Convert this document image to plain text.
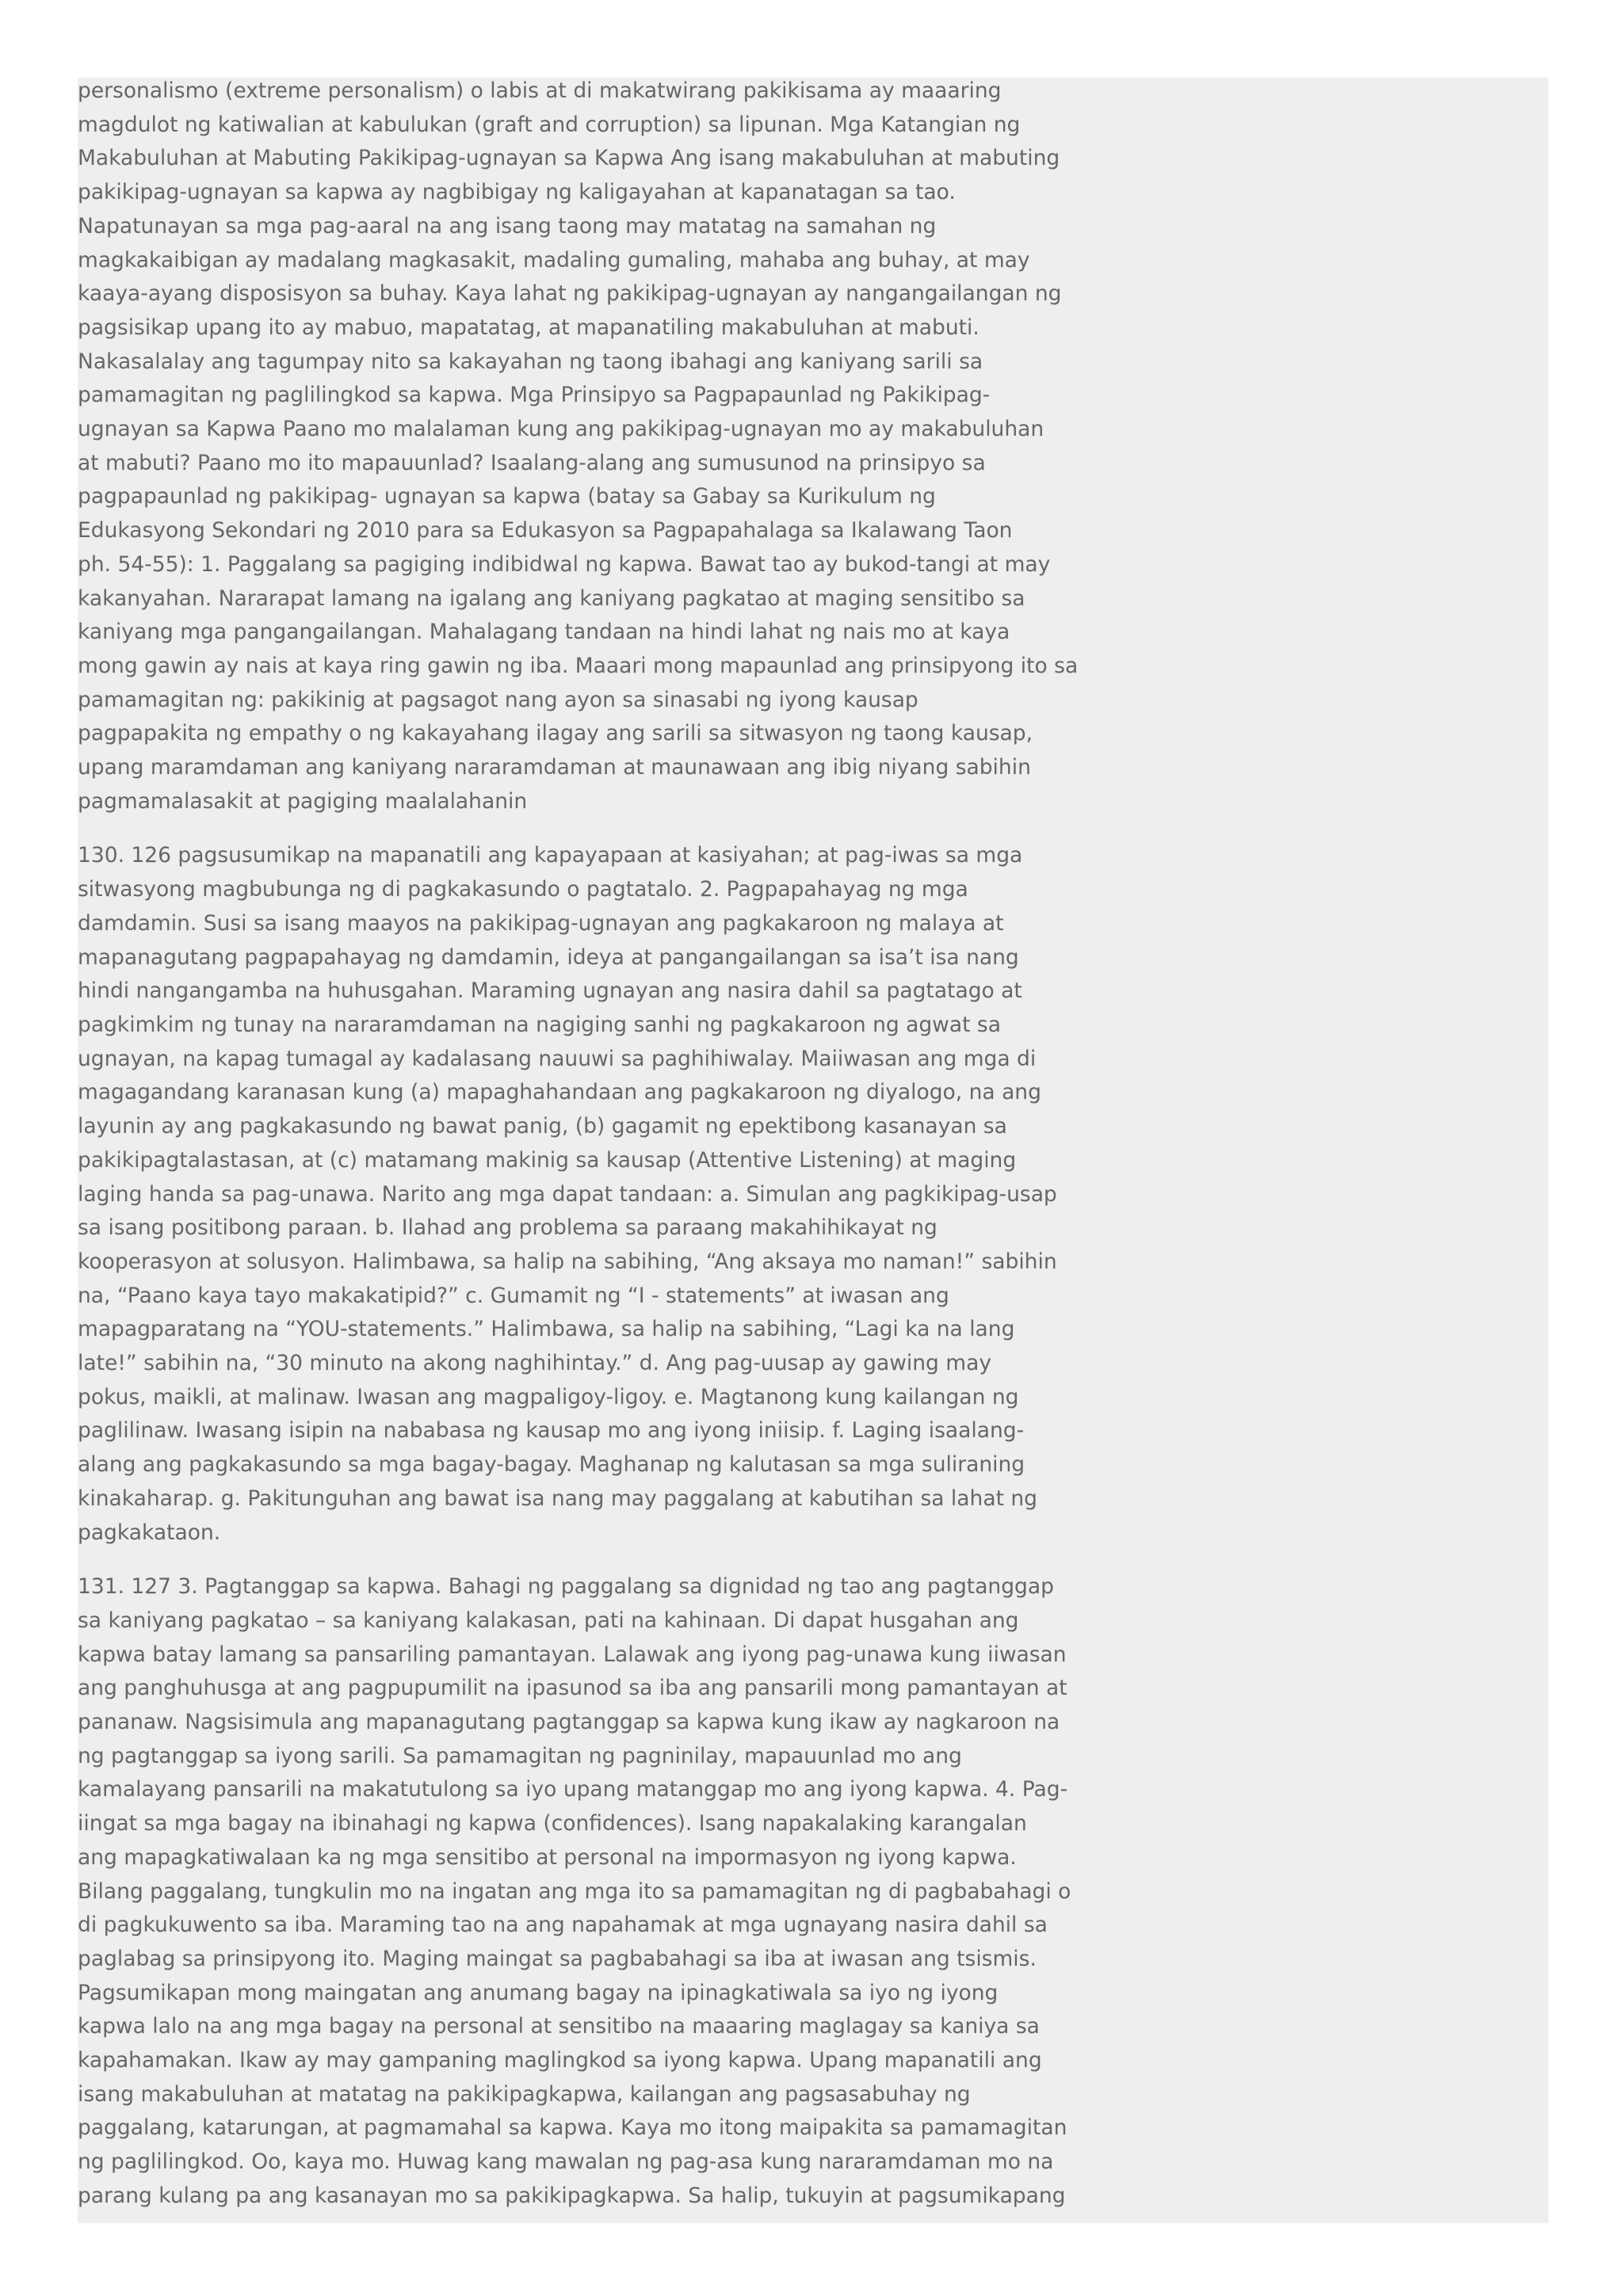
personalismo (extreme personalism) o labis at di makatwirang pakikisama ay maaaring
magdulot ng katiwalian at kabulukan (graft and corruption) sa lipunan. Mga Katangian ng
Makabuluhan at Mabuting Pakikipag-ugnayan sa Kapwa Ang isang makabuluhan at mabuting
pakikipag-ugnayan sa kapwa ay nagbibigay ng kaligayahan at kapanatagan sa tao.
Napatunayan sa mga pag-aaral na ang isang taong may matatag na samahan ng
magkakaibigan ay madalang magkasakit, madaling gumaling, mahaba ang buhay, at may
kaaya-ayang disposisyon sa buhay. Kaya lahat ng pakikipag-ugnayan ay nangangailangan ng
pagsisikap upang ito ay mabuo, mapatatag, at mapanatiling makabuluhan at mabuti.
Nakasalalay ang tagumpay nito sa kakayahan ng taong ibahagi ang kaniyang sarili sa
pamamagitan ng paglilingkod sa kapwa. Mga Prinsipyo sa Pagpapaunlad ng Pakikipag-
ugnayan sa Kapwa Paano mo malalaman kung ang pakikipag-ugnayan mo ay makabuluhan
at mabuti? Paano mo ito mapauunlad? Isaalang-alang ang sumusunod na prinsipyo sa
pagpapaunlad ng pakikipag- ugnayan sa kapwa (batay sa Gabay sa Kurikulum ng
Edukasyong Sekondari ng 2010 para sa Edukasyon sa Pagpapahalaga sa Ikalawang Taon
ph. 54-55): 1. Paggalang sa pagiging indibidwal ng kapwa. Bawat tao ay bukod-tangi at may
kakanyahan. Nararapat lamang na igalang ang kaniyang pagkatao at maging sensitibo sa
kaniyang mga pangangailangan. Mahalagang tandaan na hindi lahat ng nais mo at kaya
mong gawin ay nais at kaya ring gawin ng iba. Maaari mong mapaunlad ang prinsipyong ito sa
pamamagitan ng: pakikinig at pagsagot nang ayon sa sinasabi ng iyong kausap
pagpapakita ng empathy o ng kakayahang ilagay ang sarili sa sitwasyon ng taong kausap,
upang maramdaman ang kaniyang nararamdaman at maunawaan ang ibig niyang sabihin
pagmamalasakit at pagiging maalalahanin

130. 126 pagsusumikap na mapanatili ang kapayapaan at kasiyahan; at pag-iwas sa mga
sitwasyong magbubunga ng di pagkakasundo o pagtatalo. 2. Pagpapahayag ng mga
damdamin. Susi sa isang maayos na pakikipag-ugnayan ang pagkakaroon ng malaya at
mapanagutang pagpapahayag ng damdamin, ideya at pangangailangan sa isa’t isa nang
hindi nangangamba na huhusgahan. Maraming ugnayan ang nasira dahil sa pagtatago at
pagkimkim ng tunay na nararamdaman na nagiging sanhi ng pagkakaroon ng agwat sa
ugnayan, na kapag tumagal ay kadalasang nauuwi sa paghihiwalay. Maiiwasan ang mga di
magagandang karanasan kung (a) mapaghahandaan ang pagkakaroon ng diyalogo, na ang
layunin ay ang pagkakasundo ng bawat panig, (b) gagamit ng epektibong kasanayan sa
pakikipagtalastasan, at (c) matamang makinig sa kausap (Attentive Listening) at maging
laging handa sa pag-unawa. Narito ang mga dapat tandaan: a. Simulan ang pagkikipag-usap
sa isang positibong paraan. b. Ilahad ang problema sa paraang makahihikayat ng
kooperasyon at solusyon. Halimbawa, sa halip na sabihing, “Ang aksaya mo naman!” sabihin
na, “Paano kaya tayo makakatipid?” c. Gumamit ng “I - statements” at iwasan ang
mapagparatang na “YOU-statements.” Halimbawa, sa halip na sabihing, “Lagi ka na lang
late!” sabihin na, “30 minuto na akong naghihintay.” d. Ang pag-uusap ay gawing may
pokus, maikli, at malinaw. Iwasan ang magpaligoy-ligoy. e. Magtanong kung kailangan ng
paglilinaw. Iwasang isipin na nababasa ng kausap mo ang iyong iniisip. f. Laging isaalang-
alang ang pagkakasundo sa mga bagay-bagay. Maghanap ng kalutasan sa mga suliraning
kinakaharap. g. Pakitunguhan ang bawat isa nang may paggalang at kabutihan sa lahat ng
pagkakataon.

131. 127 3. Pagtanggap sa kapwa. Bahagi ng paggalang sa dignidad ng tao ang pagtanggap
sa kaniyang pagkatao – sa kaniyang kalakasan, pati na kahinaan. Di dapat husgahan ang
kapwa batay lamang sa pansariling pamantayan. Lalawak ang iyong pag-unawa kung iiwasan
ang panghuhusga at ang pagpupumilit na ipasunod sa iba ang pansarili mong pamantayan at
pananaw. Nagsisimula ang mapanagutang pagtanggap sa kapwa kung ikaw ay nagkaroon na
ng pagtanggap sa iyong sarili. Sa pamamagitan ng pagninilay, mapauunlad mo ang
kamalayang pansarili na makatutulong sa iyo upang matanggap mo ang iyong kapwa. 4. Pag-
iingat sa mga bagay na ibinahagi ng kapwa (confidences). Isang napakalaking karangalan
ang mapagkatiwalaan ka ng mga sensitibo at personal na impormasyon ng iyong kapwa.
Bilang paggalang, tungkulin mo na ingatan ang mga ito sa pamamagitan ng di pagbabahagi o
di pagkukuwento sa iba. Maraming tao na ang napahamak at mga ugnayang nasira dahil sa
paglabag sa prinsipyong ito. Maging maingat sa pagbabahagi sa iba at iwasan ang tsismis.
Pagsumikapan mong maingatan ang anumang bagay na ipinagkatiwala sa iyo ng iyong
kapwa lalo na ang mga bagay na personal at sensitibo na maaaring maglagay sa kaniya sa
kapahamakan. Ikaw ay may gampaning maglingkod sa iyong kapwa. Upang mapanatili ang
isang makabuluhan at matatag na pakikipagkapwa, kailangan ang pagsasabuhay ng
paggalang, katarungan, at pagmamahal sa kapwa. Kaya mo itong maipakita sa pamamagitan
ng paglilingkod. Oo, kaya mo. Huwag kang mawalan ng pag-asa kung nararamdaman mo na
parang kulang pa ang kasanayan mo sa pakikipagkapwa. Sa halip, tukuyin at pagsumikapang
